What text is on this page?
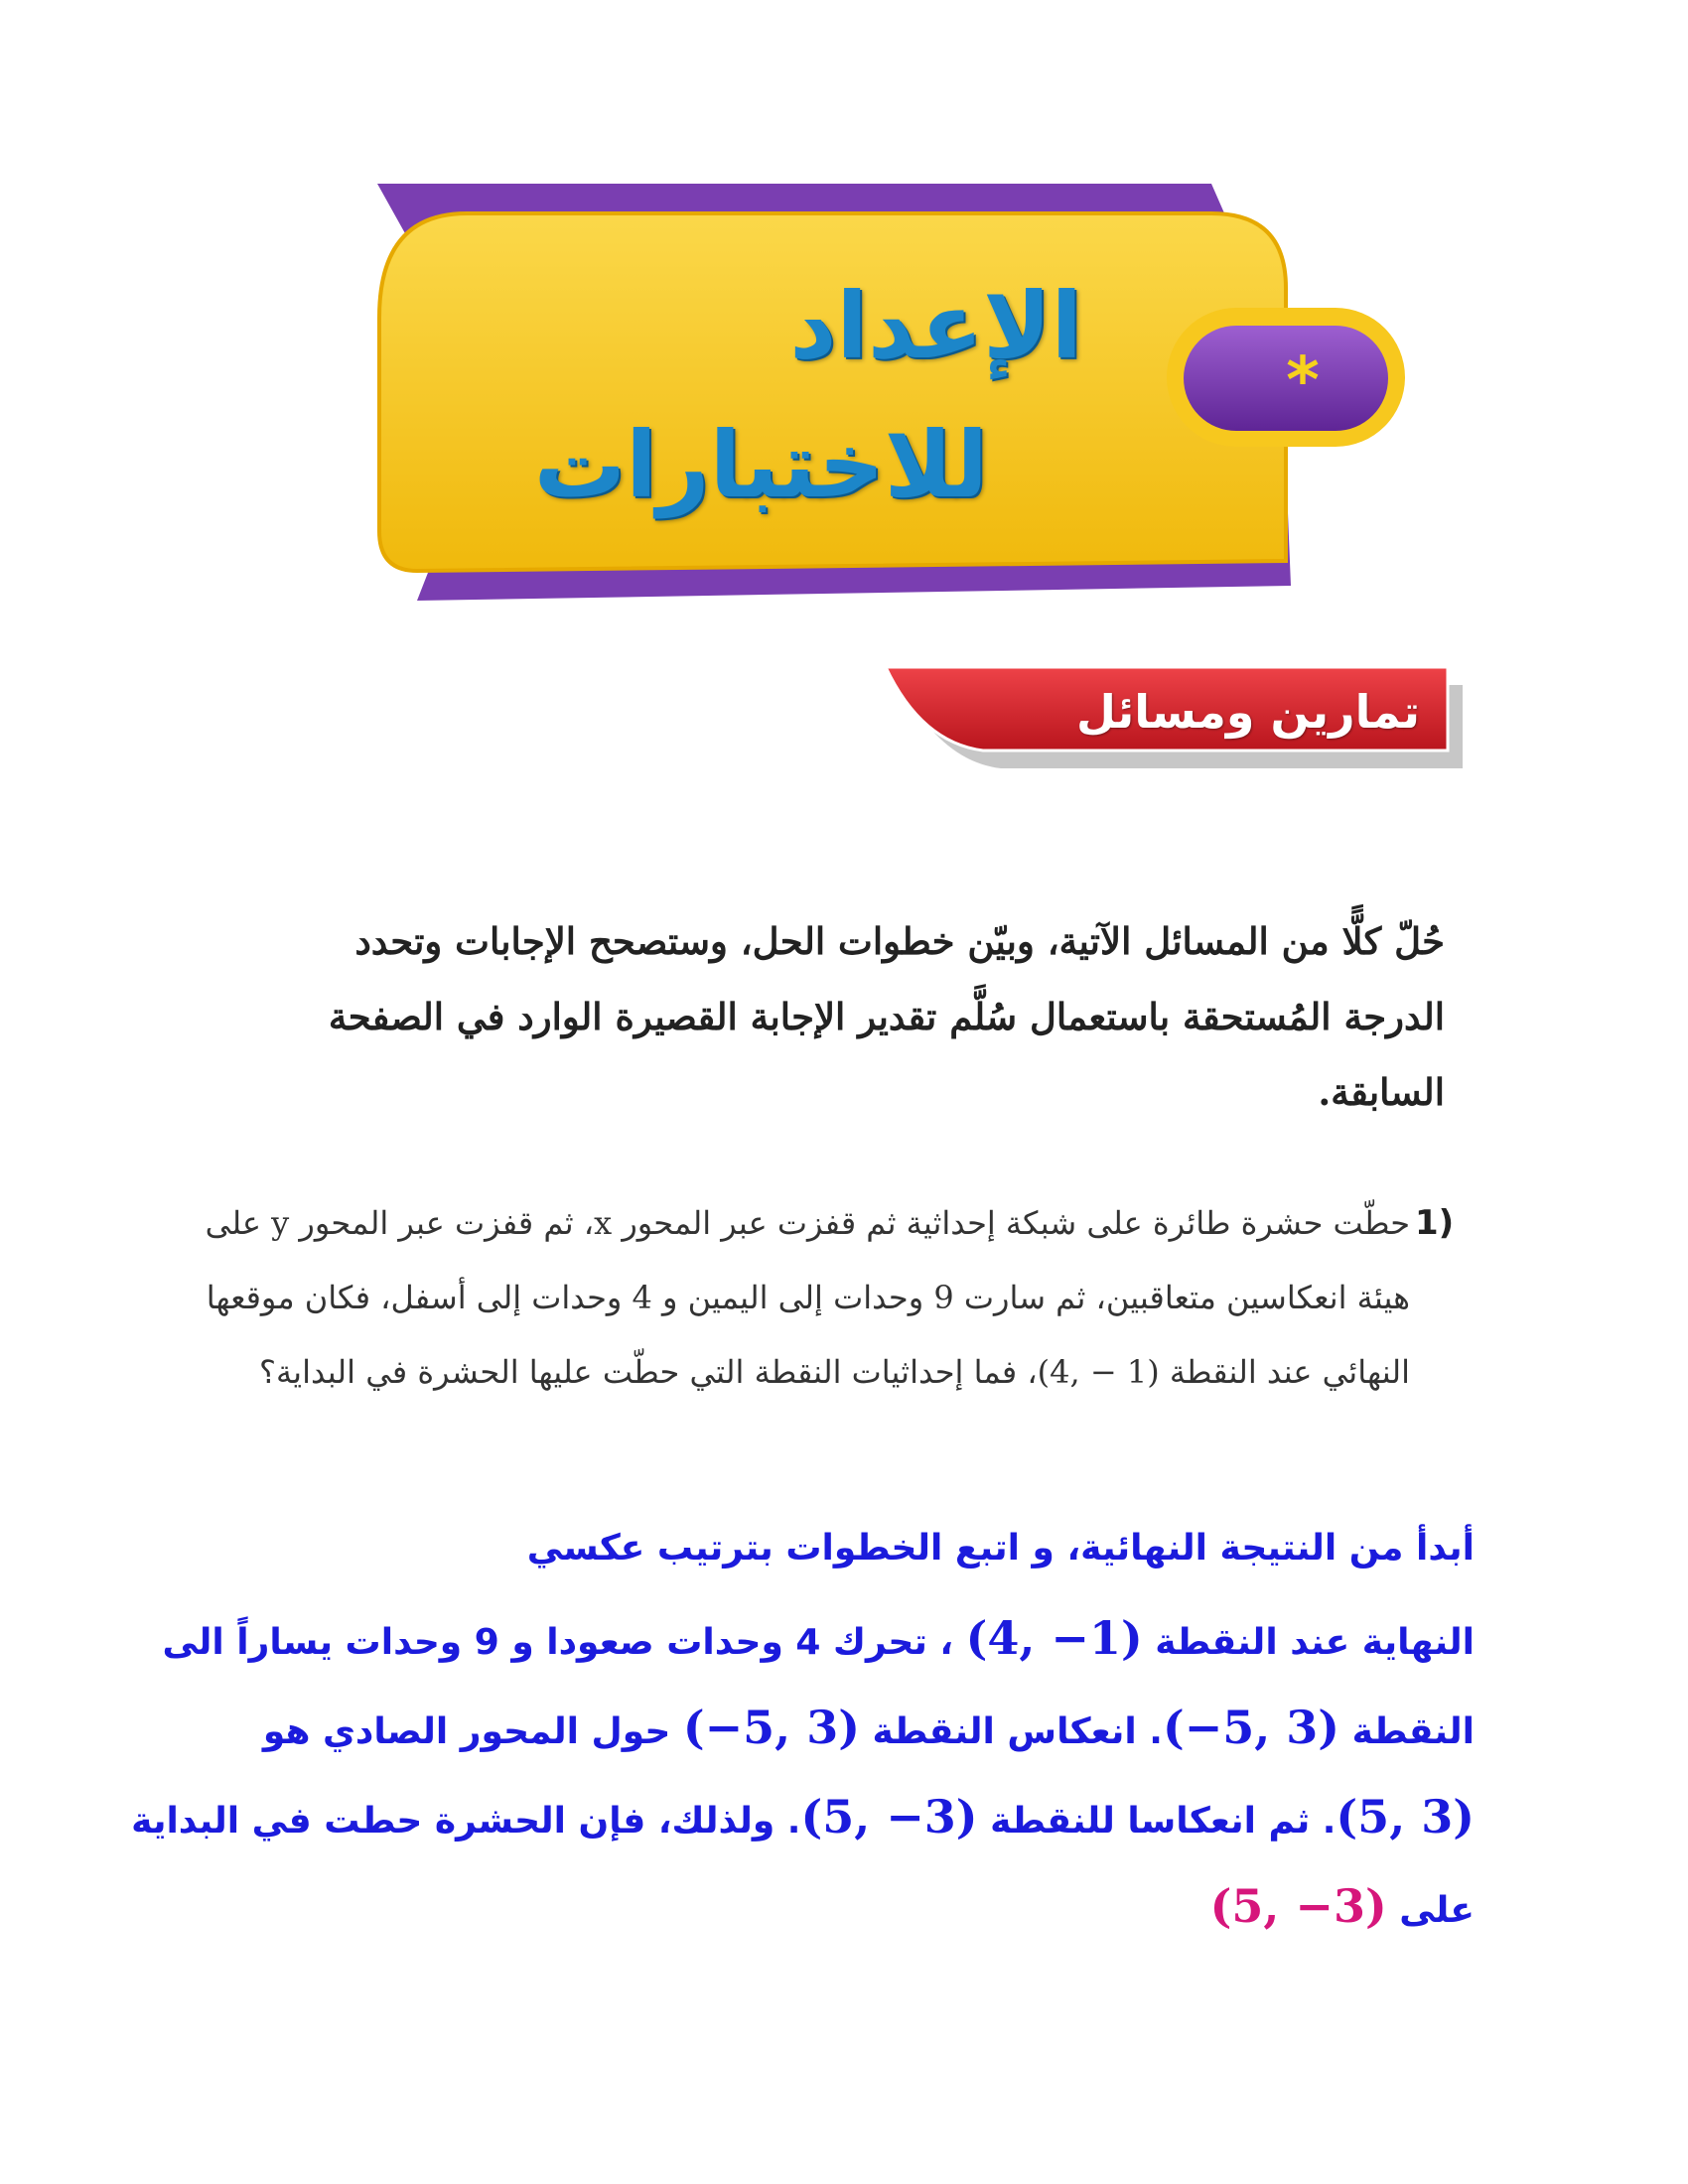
الإعداد
للاختبارات
*
تمارين ومسائل
حُلّ كلًّا من المسائل الآتية، وبيّن خطوات الحل، وستصحح الإجابات وتحدد الدرجة المُستحقة باستعمال سُلَّم تقدير الإجابة القصيرة الوارد في الصفحة السابقة.
1)
حطّت حشرة طائرة على شبكة إحداثية ثم قفزت عبر المحور x، ثم قفزت عبر المحور y على هيئة انعكاسين متعاقبين، ثم سارت 9 وحدات إلى اليمين و 4 وحدات إلى أسفل، فكان موقعها النهائي عند النقطة (1 − ,4)، فما إحداثيات النقطة التي حطّت عليها الحشرة في البداية؟
أبدأ من النتيجة النهائية، و اتبع الخطوات بترتيب عكسي
النهاية عند النقطة (4, −1) ، تحرك 4 وحدات صعودا و 9 وحدات يساراً الى
النقطة (−5, 3). انعكاس النقطة (−5, 3) حول المحور الصادي هو
(5, 3). ثم انعكاسا للنقطة (5, −3). ولذلك، فإن الحشرة حطت في البداية
على (5, −3)
